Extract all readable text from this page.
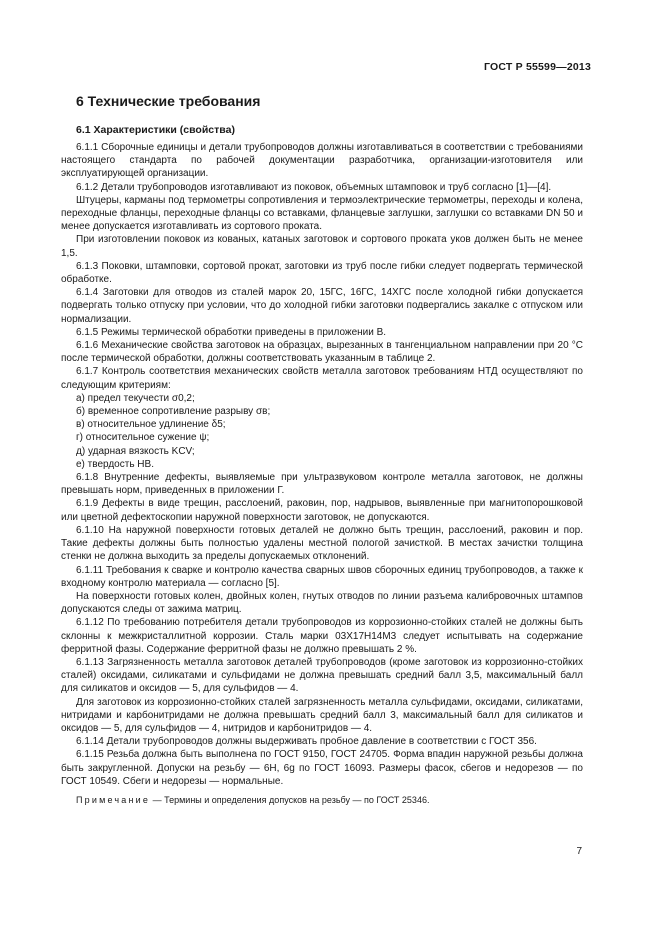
ГОСТ Р 55599—2013
6 Технические требования
6.1 Характеристики (свойства)

6.1.1 Сборочные единицы и детали трубопроводов должны изготавливаться в соответствии с требованиями настоящего стандарта по рабочей документации разработчика, организации-изготовителя или эксплуатирующей организации.

6.1.2 Детали трубопроводов изготавливают из поковок, объемных штамповок и труб согласно [1]—[4].

Штуцеры, карманы под термометры сопротивления и термоэлектрические термометры, переходы и колена, переходные фланцы, переходные фланцы со вставками, фланцевые заглушки, заглушки со вставками DN 50 и менее допускается изготавливать из сортового проката.

При изготовлении поковок из кованых, катаных заготовок и сортового проката уков должен быть не менее 1,5.

6.1.3 Поковки, штамповки, сортовой прокат, заготовки из труб после гибки следует подвергать термической обработке.

6.1.4 Заготовки для отводов из сталей марок 20, 15ГС, 16ГС, 14ХГС после холодной гибки допускается подвергать только отпуску при условии, что до холодной гибки заготовки подвергались закалке с отпуском или нормализации.

6.1.5 Режимы термической обработки приведены в приложении В.

6.1.6 Механические свойства заготовок на образцах, вырезанных в тангенциальном направлении при 20 °С после термической обработки, должны соответствовать указанным в таблице 2.

6.1.7 Контроль соответствия механических свойств металла заготовок требованиям НТД осуществляют по следующим критериям:

а) предел текучести σ0,2;

б) временное сопротивление разрыву σв;

в) относительное удлинение δ5;

г) относительное сужение ψ;

д) ударная вязкость KCV;

е) твердость HB.

6.1.8 Внутренние дефекты, выявляемые при ультразвуковом контроле металла заготовок, не должны превышать норм, приведенных в приложении Г.

6.1.9 Дефекты в виде трещин, расслоений, раковин, пор, надрывов, выявленные при магнитопорошковой или цветной дефектоскопии наружной поверхности заготовок, не допускаются.

6.1.10 На наружной поверхности готовых деталей не должно быть трещин, расслоений, раковин и пор. Такие дефекты должны быть полностью удалены местной пологой зачисткой. В местах зачистки толщина стенки не должна выходить за пределы допускаемых отклонений.

6.1.11 Требования к сварке и контролю качества сварных швов сборочных единиц трубопроводов, а также к входному контролю материала — согласно [5].

На поверхности готовых колен, двойных колен, гнутых отводов по линии разъема калибровочных штампов допускаются следы от зажима матриц.

6.1.12 По требованию потребителя детали трубопроводов из коррозионно-стойких сталей не должны быть склонны к межкристаллитной коррозии. Сталь марки 03Х17Н14М3 следует испытывать на содержание ферритной фазы. Содержание ферритной фазы не должно превышать 2 %.

6.1.13 Загрязненность металла заготовок деталей трубопроводов (кроме заготовок из коррозионно-стойких сталей) оксидами, силикатами и сульфидами не должна превышать средний балл 3,5, максимальный балл для силикатов и оксидов — 5, для сульфидов — 4.

Для заготовок из коррозионно-стойких сталей загрязненность металла сульфидами, оксидами, силикатами, нитридами и карбонитридами не должна превышать средний балл 3, максимальный балл для силикатов и оксидов — 5, для сульфидов — 4, нитридов и карбонитридов — 4.

6.1.14 Детали трубопроводов должны выдерживать пробное давление в соответствии с ГОСТ 356.

6.1.15 Резьба должна быть выполнена по ГОСТ 9150, ГОСТ 24705. Форма впадин наружной резьбы должна быть закругленной. Допуски на резьбу — 6H, 6g по ГОСТ 16093. Размеры фасок, сбегов и недорезов — по ГОСТ 10549. Сбеги и недорезы — нормальные.

Примечание — Термины и определения допусков на резьбу — по ГОСТ 25346.

7
